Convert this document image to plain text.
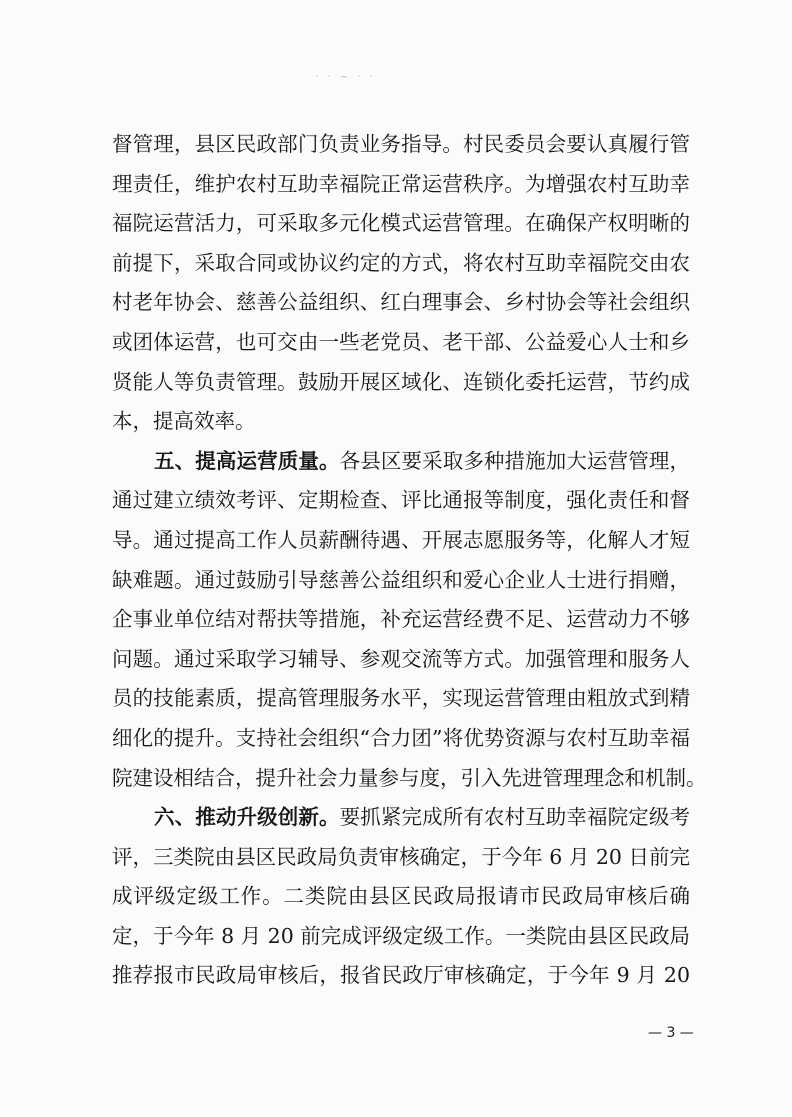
· · ~ · ·
督管理，县区民政部门负责业务指导。村民委员会要认真履行管
理责任，维护农村互助幸福院正常运营秩序。为增强农村互助幸
福院运营活力，可采取多元化模式运营管理。在确保产权明晰的
前提下，采取合同或协议约定的方式，将农村互助幸福院交由农
村老年协会、慈善公益组织、红白理事会、乡村协会等社会组织
或团体运营，也可交由一些老党员、老干部、公益爱心人士和乡
贤能人等负责管理。鼓励开展区域化、连锁化委托运营，节约成
本，提高效率。
五、提高运营质量。各县区要采取多种措施加大运营管理，
通过建立绩效考评、定期检查、评比通报等制度，强化责任和督
导。通过提高工作人员薪酬待遇、开展志愿服务等，化解人才短
缺难题。通过鼓励引导慈善公益组织和爱心企业人士进行捐赠，
企事业单位结对帮扶等措施，补充运营经费不足、运营动力不够
问题。通过采取学习辅导、参观交流等方式。加强管理和服务人
员的技能素质，提高管理服务水平，实现运营管理由粗放式到精
细化的提升。支持社会组织“合力团”将优势资源与农村互助幸福
院建设相结合，提升社会力量参与度，引入先进管理理念和机制。
六、推动升级创新。要抓紧完成所有农村互助幸福院定级考
评，三类院由县区民政局负责审核确定，于今年 6 月 20 日前完
成评级定级工作。二类院由县区民政局报请市民政局审核后确
定，于今年 8 月 20 前完成评级定级工作。一类院由县区民政局
推荐报市民政局审核后，报省民政厅审核确定，于今年 9 月 20
— 3 —
